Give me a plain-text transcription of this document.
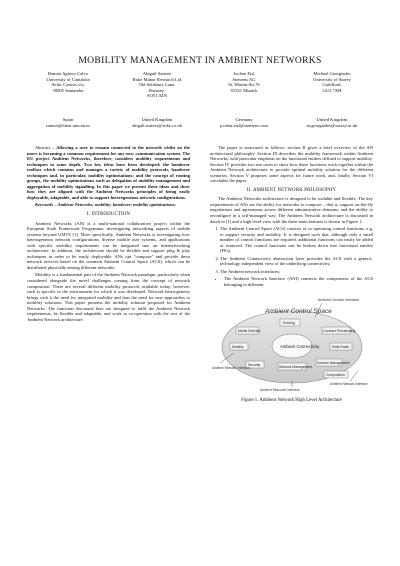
MOBILITY MANAGEMENT IN AMBIENT NETWORKS
Ramón Agüero Calvo
University of Cantabria
Avda. Castros s/n,
39005 Santander
Spain
ramon@tlmat.unican.es
Abigail Surtees
Roke Manor Research Ltd
Old Salisbury Lane,
Romsey,
SO51 0ZN
United Kingdom
abigail.surtees@roke.co.uk
Jochen Eisl
Siemens AG
St.-Martin-Str.76
81541 Munich
Germany
jochen.eisl@siemens.com
Michael Georgiades
University of Surrey
Guildford,
GU2 7XH
United Kingdom
m.georgiades@surrey.ac.uk

Abstract – Allowing a user to remain connected to the network whilst on the move is becoming a common requirement for any new communication system. The EU project Ambient Networks, therefore, considers mobility requirements and techniques in some depth. Two key ideas have been developed: the handover toolbox which contains and manages a variety of mobility protocols, handover techniques and, in particular, mobility optimisations; and the concept of routing groups, the mobility optimisations such as delegation of mobility management and aggregation of mobility signalling. In this paper we present these ideas and show how they are aligned with the Ambient Networks principles of being easily deployable, adaptable, and able to support heterogeneous network configurations.

Keywords – Ambient Networks; mobility; handover; mobility optimisations;
I. INTRODUCTION

Ambient Networks (AN) is a multi-national collaborative project within the European Sixth Framework Programme, investigating networking aspects of mobile systems beyond UMTS [1]. More specifically, Ambient Networks is investigating how heterogeneous network configurations, diverse mobile user systems, and applications with specific mobility requirements can be integrated into an internetworking architecture. In addition, the architecture should be flexible and support plug & play techniques in order to be easily deployable. ANs can "compose" and provide these network services based on the common Ambient Control Space (ACS), which can be distributed physically among different networks.

Mobility is a fundamental part of the Ambient Network paradigm, particularly when considered alongside the novel challenges coming from the concept of network composition. There are several different mobility protocols available today; however, each is specific to the environment for which it was developed. Network heterogeneity brings with it the need for integrated mobility and thus the need for new approaches to mobility solutions. This paper presents the mobility solution proposed for Ambient Networks. The functions discussed here are designed to fulfil the Ambient Network requirements, be flexible and adaptable, and work in co-operation with the rest of the Ambient Network architecture.

The paper is structured as follows: section II gives a brief overview of the AN architectural philosophy. Section III describes the mobility framework within Ambient Networks, with particular emphasis on the functional entities defined to support mobility. Section IV provides two use cases to show how these functions work together within the Ambient Network architecture to provide optimal mobility solution for the different scenarios. Section V proposes some aspects for future work, and, finally, Section VI concludes the paper.

II. AMBIENT NETWORK PHILOSOPHY

The Ambient Networks architecture is designed to be scalable and flexible. The key requirements of ANs are the ability for networks to compose – that is, support on-the-fly negotiations and agreements across different administrative domains; and the ability to reconfigure in a self-managed way. The Ambient Network architecture is discussed in detail in [1] and a high level view with the three main features is shown in Figure 1.

1. The Ambient Control Space (ACS) consists of co-operating control functions, e.g. to support security and mobility. It is designed such that, although only a small number of control functions are required, additional functions can easily be added or removed. The control functions can be broken down into functional entities (FEs).
2. The Ambient Connectivity abstraction layer provides the ACS with a generic, technology independent view of the underlying connectivity.
3. The Ambient network interfaces:
• The Ambient Network Interface (ANI) connects the components of the ACS belonging to different
Ambient Control Space
Ambient Service Interface
Media Delivery	Contract Provisioning
Mobility	Multi-Radio
Security	Network Management
Domain Management
Routing
Composition
Ambient Connectivity
Ambient Network Interface
Ambient Network Interface
Ambient Resource Interface
Figure 1. Ambient Network High Level Architecture
